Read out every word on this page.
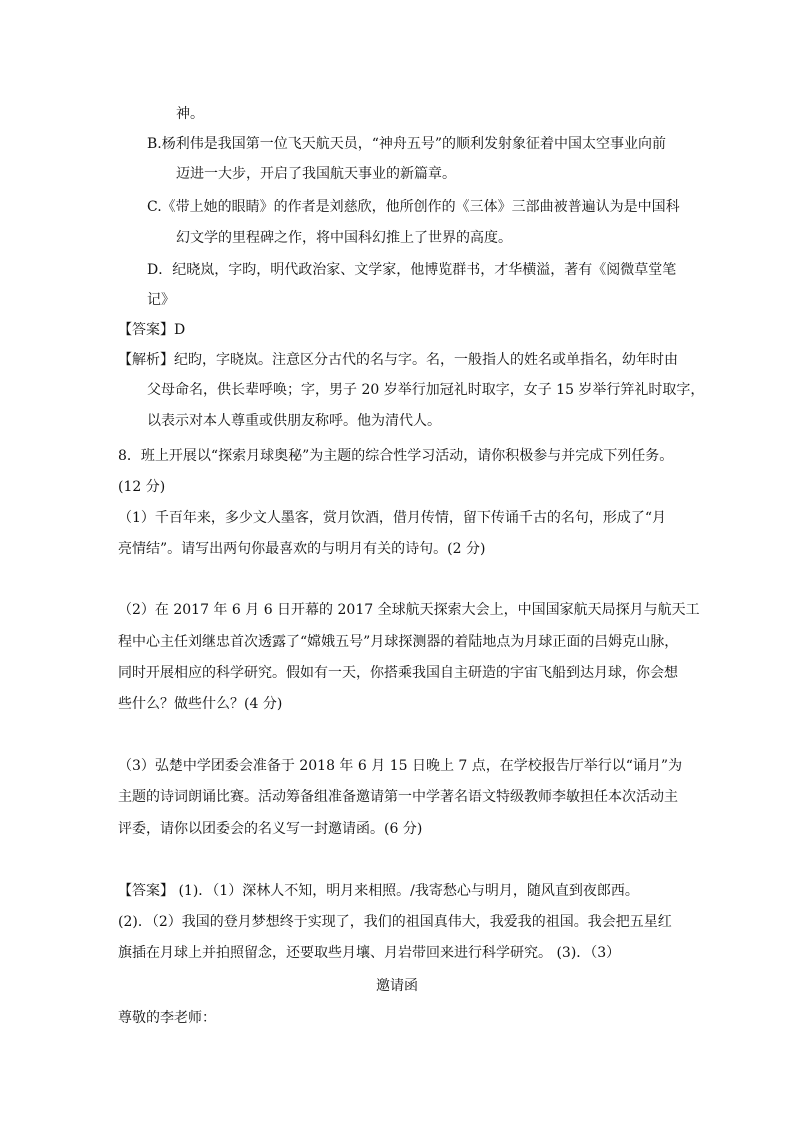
神。
B.杨利伟是我国第一位飞天航天员，“神舟五号”的顺利发射象征着中国太空事业向前
迈进一大步，开启了我国航天事业的新篇章。
C.《带上她的眼睛》的作者是刘慈欣，他所创作的《三体》三部曲被普遍认为是中国科
幻文学的里程碑之作，将中国科幻推上了世界的高度。
D．纪晓岚，字昀，明代政治家、文学家，他博览群书，才华横溢，著有《阅微草堂笔
记》
【答案】D
【解析】纪昀，字晓岚。注意区分古代的名与字。名，一般指人的姓名或单指名，幼年时由
父母命名，供长辈呼唤；字，男子 20 岁举行加冠礼时取字，女子 15 岁举行笄礼时取字，
以表示对本人尊重或供朋友称呼。他为清代人。
8．班上开展以“探索月球奥秘”为主题的综合性学习活动，请你积极参与并完成下列任务。
(12 分)
（1）千百年来，多少文人墨客，赏月饮酒，借月传情，留下传诵千古的名句，形成了“月
亮情结”。请写出两句你最喜欢的与明月有关的诗句。(2 分)
（2）在 2017 年 6 月 6 日开幕的 2017 全球航天探索大会上，中国国家航天局探月与航天工
程中心主任刘继忠首次透露了“嫦娥五号”月球探测器的着陆地点为月球正面的吕姆克山脉，
同时开展相应的科学研究。假如有一天，你搭乘我国自主研造的宇宙飞船到达月球，你会想
些什么？做些什么？(4 分)
（3）弘楚中学团委会准备于 2018 年 6 月 15 日晚上 7 点，在学校报告厅举行以“诵月”为
主题的诗词朗诵比赛。活动筹备组准备邀请第一中学著名语文特级教师李敏担任本次活动主
评委，请你以团委会的名义写一封邀请函。(6 分)
【答案】 (1)．（1）深林人不知，明月来相照。/我寄愁心与明月，随风直到夜郎西。
(2)．（2）我国的登月梦想终于实现了，我们的祖国真伟大，我爱我的祖国。我会把五星红
旗插在月球上并拍照留念，还要取些月壤、月岩带回来进行科学研究。 (3)．（3）
邀请函
尊敬的李老师：
